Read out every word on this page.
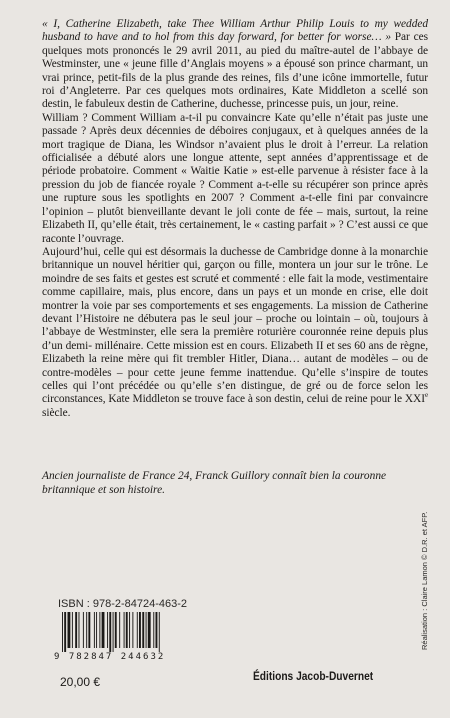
« I, Catherine Elizabeth, take Thee William Arthur Philip Louis to my wedded husband to have and to hol from this day forward, for better for worse… » Par ces quelques mots prononcés le 29 avril 2011, au pied du maître-autel de l’abbaye de Westminster, une « jeune fille d’Anglais moyens » a épousé son prince charmant, un vrai prince, petit-fils de la plus grande des reines, fils d’une icône immortelle, futur roi d’Angleterre. Par ces quelques mots ordinaires, Kate Middleton a scellé son destin, le fabuleux destin de Catherine, duchesse, princesse puis, un jour, reine.

William ? Comment William a-t-il pu convaincre Kate qu’elle n’était pas juste une passade ? Après deux décennies de déboires conjugaux, et à quelques années de la mort tragique de Diana, les Windsor n’avaient plus le droit à l’erreur. La relation officialisée a débuté alors une longue attente, sept années d’apprentissage et de période probatoire. Comment « Waitie Katie » est-elle parvenue à résister face à la pression du job de fiancée royale ? Comment a-t-elle su récupérer son prince après une rupture sous les spotlights en 2007 ? Comment a-t-elle fini par convaincre l’opinion – plutôt bienveillante devant le joli conte de fée – mais, surtout, la reine Elizabeth II, qu’elle était, très certainement, le « casting parfait » ? C’est aussi ce que raconte l’ouvrage.

Aujourd’hui, celle qui est désormais la duchesse de Cambridge donne à la monarchie britannique un nouvel héritier qui, garçon ou fille, montera un jour sur le trône. Le moindre de ses faits et gestes est scruté et commenté : elle fait la mode, vestimentaire comme capillaire, mais, plus encore, dans un pays et un monde en crise, elle doit montrer la voie par ses comportements et ses engagements. La mission de Catherine devant l’Histoire ne débutera pas le seul jour – proche ou lointain – où, toujours à l’abbaye de Westminster, elle sera la première roturière couronnée reine depuis plus d’un demi- millénaire. Cette mission est en cours. Elizabeth II et ses 60 ans de règne, Elizabeth la reine mère qui fit trembler Hitler, Diana… autant de modèles – ou de contre-modèles – pour cette jeune femme inattendue. Qu’elle s’inspire de toutes celles qui l’ont précédée ou qu’elle s’en distingue, de gré ou de force selon les circonstances, Kate Middleton se trouve face à son destin, celui de reine pour le XXIe siècle.

Ancien journaliste de France 24, Franck Guillory connaît bien la couronne britannique et son histoire.
ISBN : 978-2-84724-463-2
9 782847 244632
20,00 €	Éditions Jacob-Duvernet
Réalisation : Claire Lamon © D.R. et AFP.
